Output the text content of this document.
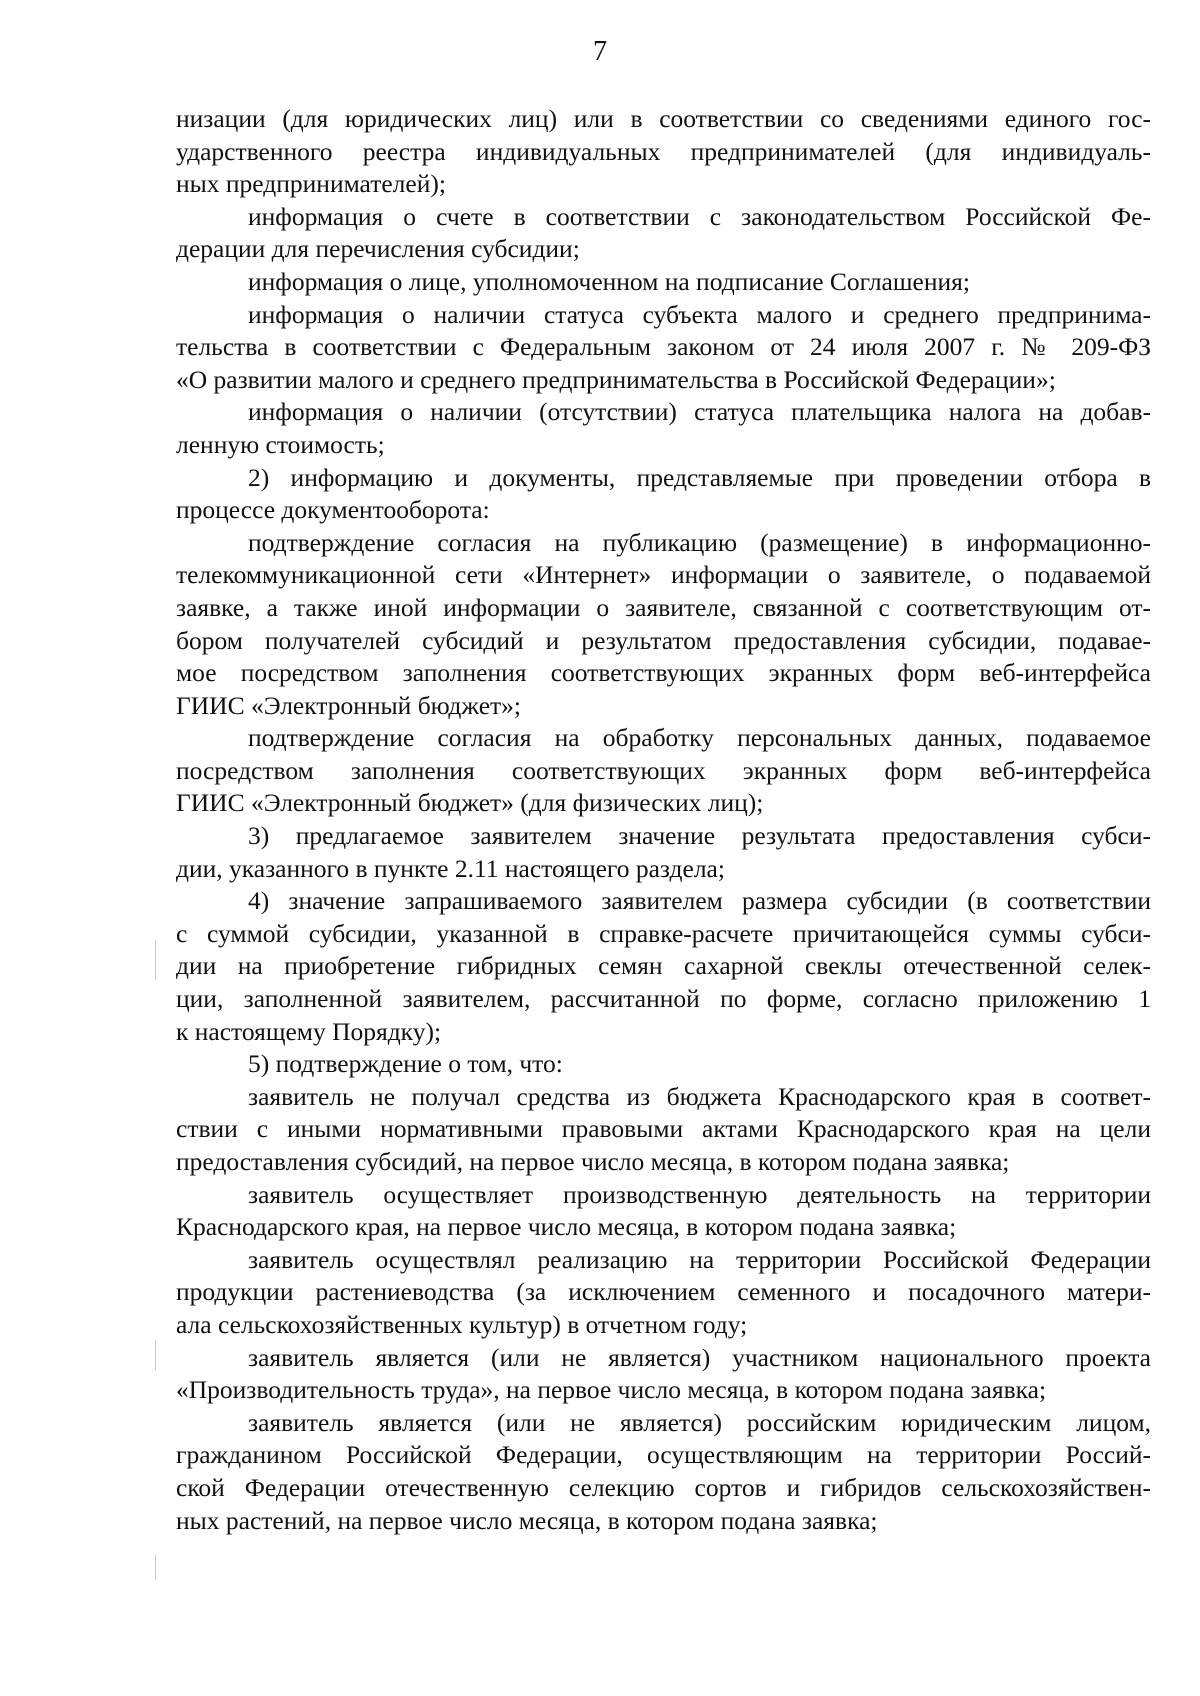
7
низации (для юридических лиц) или в соответствии со сведениями единого гос-
ударственного реестра индивидуальных предпринимателей (для индивидуаль-
ных предпринимателей);
информация о счете в соответствии с законодательством Российской Фе-
дерации для перечисления субсидии;
информация о лице, уполномоченном на подписание Соглашения;
информация о наличии статуса субъекта малого и среднего предпринима-
тельства в соответствии с Федеральным законом от 24 июля 2007 г. № 209-ФЗ
«О развитии малого и среднего предпринимательства в Российской Федерации»;
информация о наличии (отсутствии) статуса плательщика налога на добав-
ленную стоимость;
2) информацию и документы, представляемые при проведении отбора в
процессе документооборота:
подтверждение согласия на публикацию (размещение) в информационно-
телекоммуникационной сети «Интернет» информации о заявителе, о подаваемой
заявке, а также иной информации о заявителе, связанной с соответствующим от-
бором получателей субсидий и результатом предоставления субсидии, подавае-
мое посредством заполнения соответствующих экранных форм веб-интерфейса
ГИИС «Электронный бюджет»;
подтверждение согласия на обработку персональных данных, подаваемое
посредством заполнения соответствующих экранных форм веб-интерфейса
ГИИС «Электронный бюджет» (для физических лиц);
3) предлагаемое заявителем значение результата предоставления субси-
дии, указанного в пункте 2.11 настоящего раздела;
4) значение запрашиваемого заявителем размера субсидии (в соответствии
с суммой субсидии, указанной в справке-расчете причитающейся суммы субси-
дии на приобретение гибридных семян сахарной свеклы отечественной селек-
ции, заполненной заявителем, рассчитанной по форме, согласно приложению 1
к настоящему Порядку);
5) подтверждение о том, что:
заявитель не получал средства из бюджета Краснодарского края в соответ-
ствии с иными нормативными правовыми актами Краснодарского края на цели
предоставления субсидий, на первое число месяца, в котором подана заявка;
заявитель осуществляет производственную деятельность на территории
Краснодарского края, на первое число месяца, в котором подана заявка;
заявитель осуществлял реализацию на территории Российской Федерации
продукции растениеводства (за исключением семенного и посадочного матери-
ала сельскохозяйственных культур) в отчетном году;
заявитель является (или не является) участником национального проекта
«Производительность труда», на первое число месяца, в котором подана заявка;
заявитель является (или не является) российским юридическим лицом,
гражданином Российской Федерации, осуществляющим на территории Россий-
ской Федерации отечественную селекцию сортов и гибридов сельскохозяйствен-
ных растений, на первое число месяца, в котором подана заявка;
